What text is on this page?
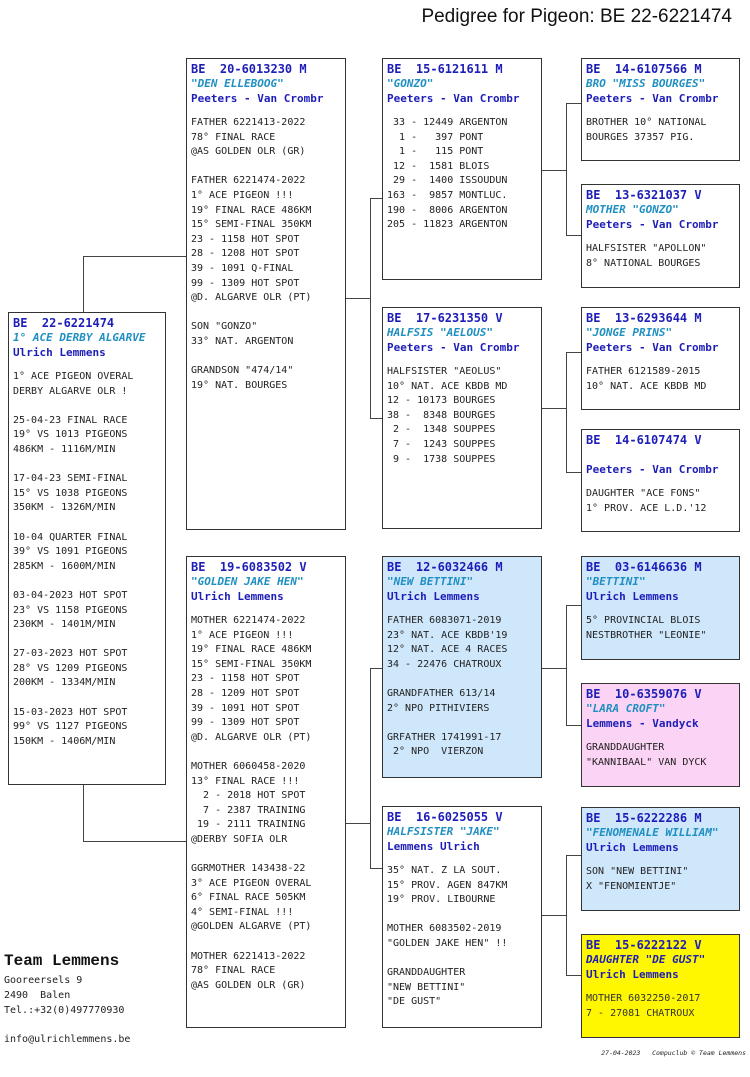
Pedigree for Pigeon: BE 22-6221474
BE  22-6221474
1° ACE DERBY ALGARVE
Ulrich Lemmens
1° ACE PIGEON OVERAL
DERBY ALGARVE OLR !
25-04-23 FINAL RACE
19° VS 1013 PIGEONS
486KM - 1116M/MIN
17-04-23 SEMI-FINAL
15° VS 1038 PIGEONS
350KM - 1326M/MIN
10-04 QUARTER FINAL
39° VS 1091 PIGEONS
285KM - 1600M/MIN
03-04-2023 HOT SPOT
23° VS 1158 PIGEONS
230KM - 1401M/MIN
27-03-2023 HOT SPOT
28° VS 1209 PIGEONS
200KM - 1334M/MIN
15-03-2023 HOT SPOT
99° VS 1127 PIGEONS
150KM - 1406M/MIN
BE  20-6013230 M
"DEN ELLEBOOG"
Peeters - Van Crombr
FATHER 6221413-2022
78° FINAL RACE
@AS GOLDEN OLR (GR)
FATHER 6221474-2022
1° ACE PIGEON !!!
19° FINAL RACE 486KM
15° SEMI-FINAL 350KM
23 - 1158 HOT SPOT
28 - 1208 HOT SPOT
39 - 1091 Q-FINAL
99 - 1309 HOT SPOT
@D. ALGARVE OLR (PT)
SON "GONZO"
33° NAT. ARGENTON
GRANDSON "474/14"
19° NAT. BOURGES
BE  19-6083502 V
"GOLDEN JAKE HEN"
Ulrich Lemmens
MOTHER 6221474-2022
1° ACE PIGEON !!!
19° FINAL RACE 486KM
15° SEMI-FINAL 350KM
23 - 1158 HOT SPOT
28 - 1209 HOT SPOT
39 - 1091 HOT SPOT
99 - 1309 HOT SPOT
@D. ALGARVE OLR (PT)
MOTHER 6060458-2020
13° FINAL RACE !!!
2 - 2018 HOT SPOT
7 - 2387 TRAINING
19 - 2111 TRAINING
@DERBY SOFIA OLR
GGRMOTHER 143438-22
3° ACE PIGEON OVERAL
6° FINAL RACE 505KM
4° SEMI-FINAL !!!
@GOLDEN ALGARVE (PT)
MOTHER 6221413-2022
78° FINAL RACE
@AS GOLDEN OLR (GR)
BE  15-6121611 M
"GONZO"
Peeters - Van Crombr
33 - 12449 ARGENTON
1 -   397 PONT
1 -   115 PONT
12 -  1581 BLOIS
29 -  1400 ISSOUDUN
163 -  9857 MONTLUC.
190 -  8006 ARGENTON
205 - 11823 ARGENTON
BE  17-6231350 V
HALFSIS "AELOUS"
Peeters - Van Crombr
HALFSISTER "AEOLUS"
10° NAT. ACE KBDB MD
12 - 10173 BOURGES
38 -  8348 BOURGES
2 -  1348 SOUPPES
7 -  1243 SOUPPES
9 -  1738 SOUPPES
BE  12-6032466 M
"NEW BETTINI"
Ulrich Lemmens
FATHER 6083071-2019
23° NAT. ACE KBDB'19
12° NAT. ACE 4 RACES
34 - 22476 CHATROUX
GRANDFATHER 613/14
2° NPO PITHIVIERS
GRFATHER 1741991-17
2° NPO  VIERZON
BE  16-6025055 V
HALFSISTER "JAKE"
Lemmens Ulrich
35° NAT. Z LA SOUT.
15° PROV. AGEN 847KM
19° PROV. LIBOURNE
MOTHER 6083502-2019
"GOLDEN JAKE HEN" !!
GRANDDAUGHTER
"NEW BETTINI"
"DE GUST"
BE  14-6107566 M
BRO "MISS BOURGES"
Peeters - Van Crombr
BROTHER 10° NATIONAL
BOURGES 37357 PIG.
BE  13-6321037 V
MOTHER "GONZO"
Peeters - Van Crombr
HALFSISTER "APOLLON"
8° NATIONAL BOURGES
BE  13-6293644 M
"JONGE PRINS"
Peeters - Van Crombr
FATHER 6121589-2015
10° NAT. ACE KBDB MD
BE  14-6107474 V
Peeters - Van Crombr
DAUGHTER "ACE FONS"
1° PROV. ACE L.D.'12
BE  03-6146636 M
"BETTINI"
Ulrich Lemmens
5° PROVINCIAL BLOIS
NESTBROTHER "LEONIE"
BE  10-6359076 V
"LARA CROFT"
Lemmens - Vandyck
GRANDDAUGHTER
"KANNIBAAL" VAN DYCK
BE  15-6222286 M
"FENOMENALE WILLIAM"
Ulrich Lemmens
SON "NEW BETTINI"
X "FENOMIENTJE"
BE  15-6222122 V
DAUGHTER "DE GUST"
Ulrich Lemmens
MOTHER 6032250-2017
7 - 27081 CHATROUX
Team Lemmens
Gooreersels 9
2490  Balen
Tel.:+32(0)497770930
info@ulrichlemmens.be
27-04-2023   Compuclub © Team Lemmens
